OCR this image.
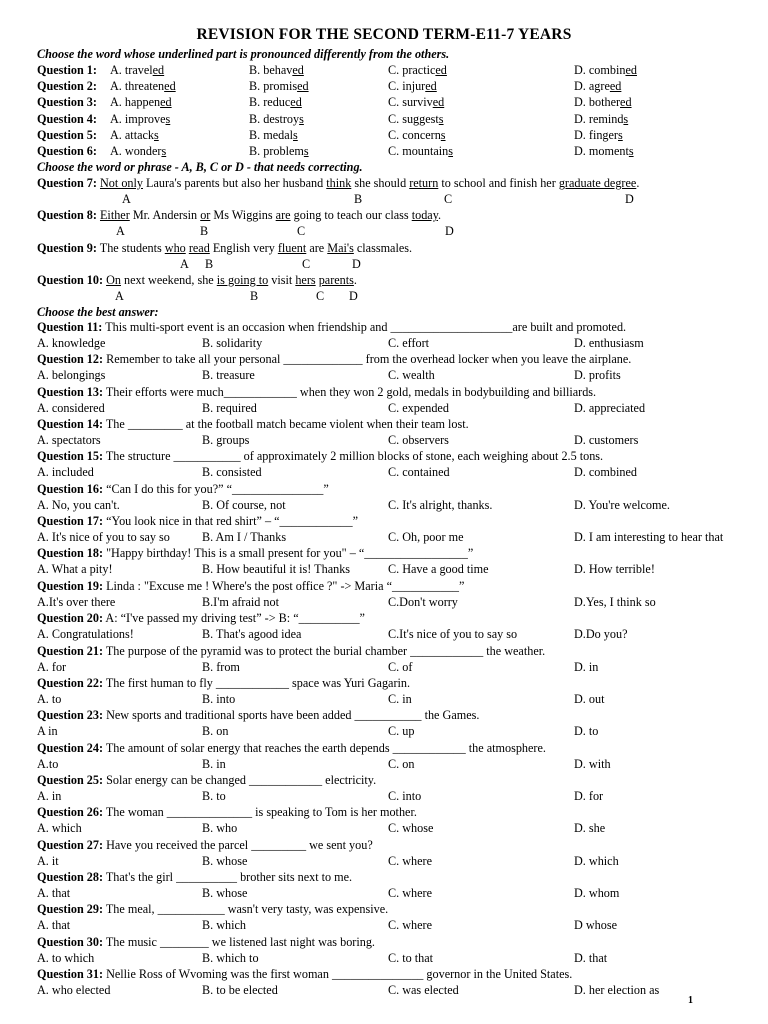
REVISION FOR THE SECOND TERM-E11-7 YEARS
Choose the word whose underlined part is pronounced differently from the others.
Question 1: A. traveled	B. behaved	C. practiced	D. combined
Question 2: A. threatened	B. promised	C. injured	D. agreed
Question 3: A. happened	B. reduced	C. survived	D. bothered
Question 4: A. improves	B. destroys	C. suggests	D. reminds
Question 5: A. attacks	B. medals	C. concerns	D. fingers
Question 6: A. wonders	B. problems	C. mountains	D. moments
Choose the word or phrase - A, B, C or D - that needs correcting.
Question 7: Not only Laura's parents but also her husband think she should return to school and finish her graduate degree.
A	B	C	D
Question 8: Either Mr. Andersin or Ms Wiggins are going to teach our class today.
A	B	C	D
Question 9: The students who read English very fluent are Mai's classmales.
A B	C	D
Question 10: On next weekend, she is going to visit hers parents.
A	B	C D
Choose the best answer:
Question 11: This multi-sport event is an occasion when friendship and ____________________are built and promoted.
A. knowledge	B. solidarity	C. effort	D. enthusiasm
Question 12: Remember to take all your personal _____________ from the overhead locker when you leave the airplane.
A. belongings	B. treasure	C. wealth	D. profits
Question 13: Their efforts were much____________ when they won 2 gold, medals in bodybuilding and billiards.
A. considered	B. required	C. expended	D. appreciated
Question 14: The _________ at the football match became violent when their team lost.
A. spectators	B. groups	C. observers	D. customers
Question 15: The structure ___________ of approximately 2 million blocks of stone, each weighing about 2.5 tons.
A. included	B. consisted	C. contained	D. combined
Question 16: “Can I do this for you?” “_______________”
A. No, you can't.	B. Of course, not	C. It's alright, thanks.	D. You're welcome.
Question 17: “You look nice in that red shirt” – “____________”
A. It's nice of you to say so	B. Am I / Thanks	C. Oh, poor me	D. I am interesting to hear that
Question 18: "Happy birthday! This is a small present for you" – “_________________”
A. What a pity!	B. How beautiful it is! Thanks	C. Have a good time	D. How terrible!
Question 19: Linda : "Excuse me ! Where's the post office ?" -> Maria “___________”
A.It's over there	B.I'm afraid not	C.Don't worry	D.Yes, I think so
Question 20: A: “I've passed my driving test” -> B: “__________”
A. Congratulations!	B. That's agood idea	C.It's nice of you to say so	D.Do you?
Question 21: The purpose of the pyramid was to protect the burial chamber ____________ the weather.
A. for	B. from	C. of	D. in
Question 22: The first human to fly ____________ space was Yuri Gagarin.
A. to	B. into	C. in	D. out
Question 23: New sports and traditional sports have been added ___________ the Games.
A in	B. on	C. up	D. to
Question 24: The amount of solar energy that reaches the earth depends ____________ the atmosphere.
A.to	B. in	C. on	D. with
Question 25: Solar energy can be changed ____________ electricity.
A. in	B. to	C. into	D. for
Question 26: The woman ______________ is speaking to Tom is her mother.
A. which	B. who	C. whose	D. she
Question 27: Have you received the parcel _________ we sent you?
A. it	B. whose	C. where	D. which
Question 28: That's the girl __________ brother sits next to me.
A. that	B. whose	C. where	D. whom
Question 29: The meal, ___________ wasn't very tasty, was expensive.
A. that	B. which	C. where	D whose
Question 30: The music ________ we listened last night was boring.
A. to which	B. which to	C. to that	D. that
Question 31: Nellie Ross of Wvoming was the first woman _______________ governor in the United States.
A. who elected	B. to be elected	C. was elected	D. her election as
1
